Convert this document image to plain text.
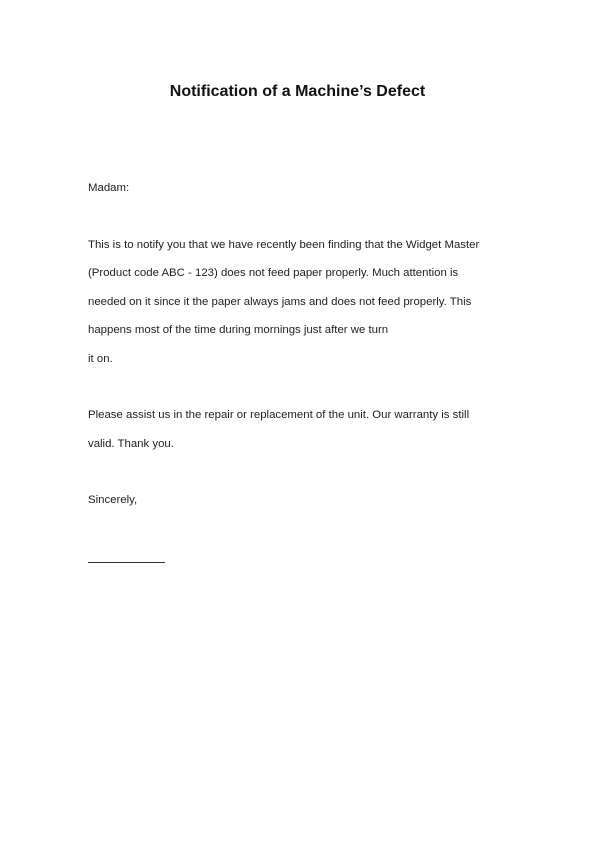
Notification of a Machine’s Defect

Madam:

This is to notify you that we have recently been finding that the Widget Master

(Product code ABC - 123) does not feed paper properly. Much attention is

needed on it since it the paper always jams and does not feed properly. This

happens most of the time during mornings just after we turn

it on.

Please assist us in the repair or replacement of the unit. Our warranty is still

valid. Thank you.

Sincerely,
